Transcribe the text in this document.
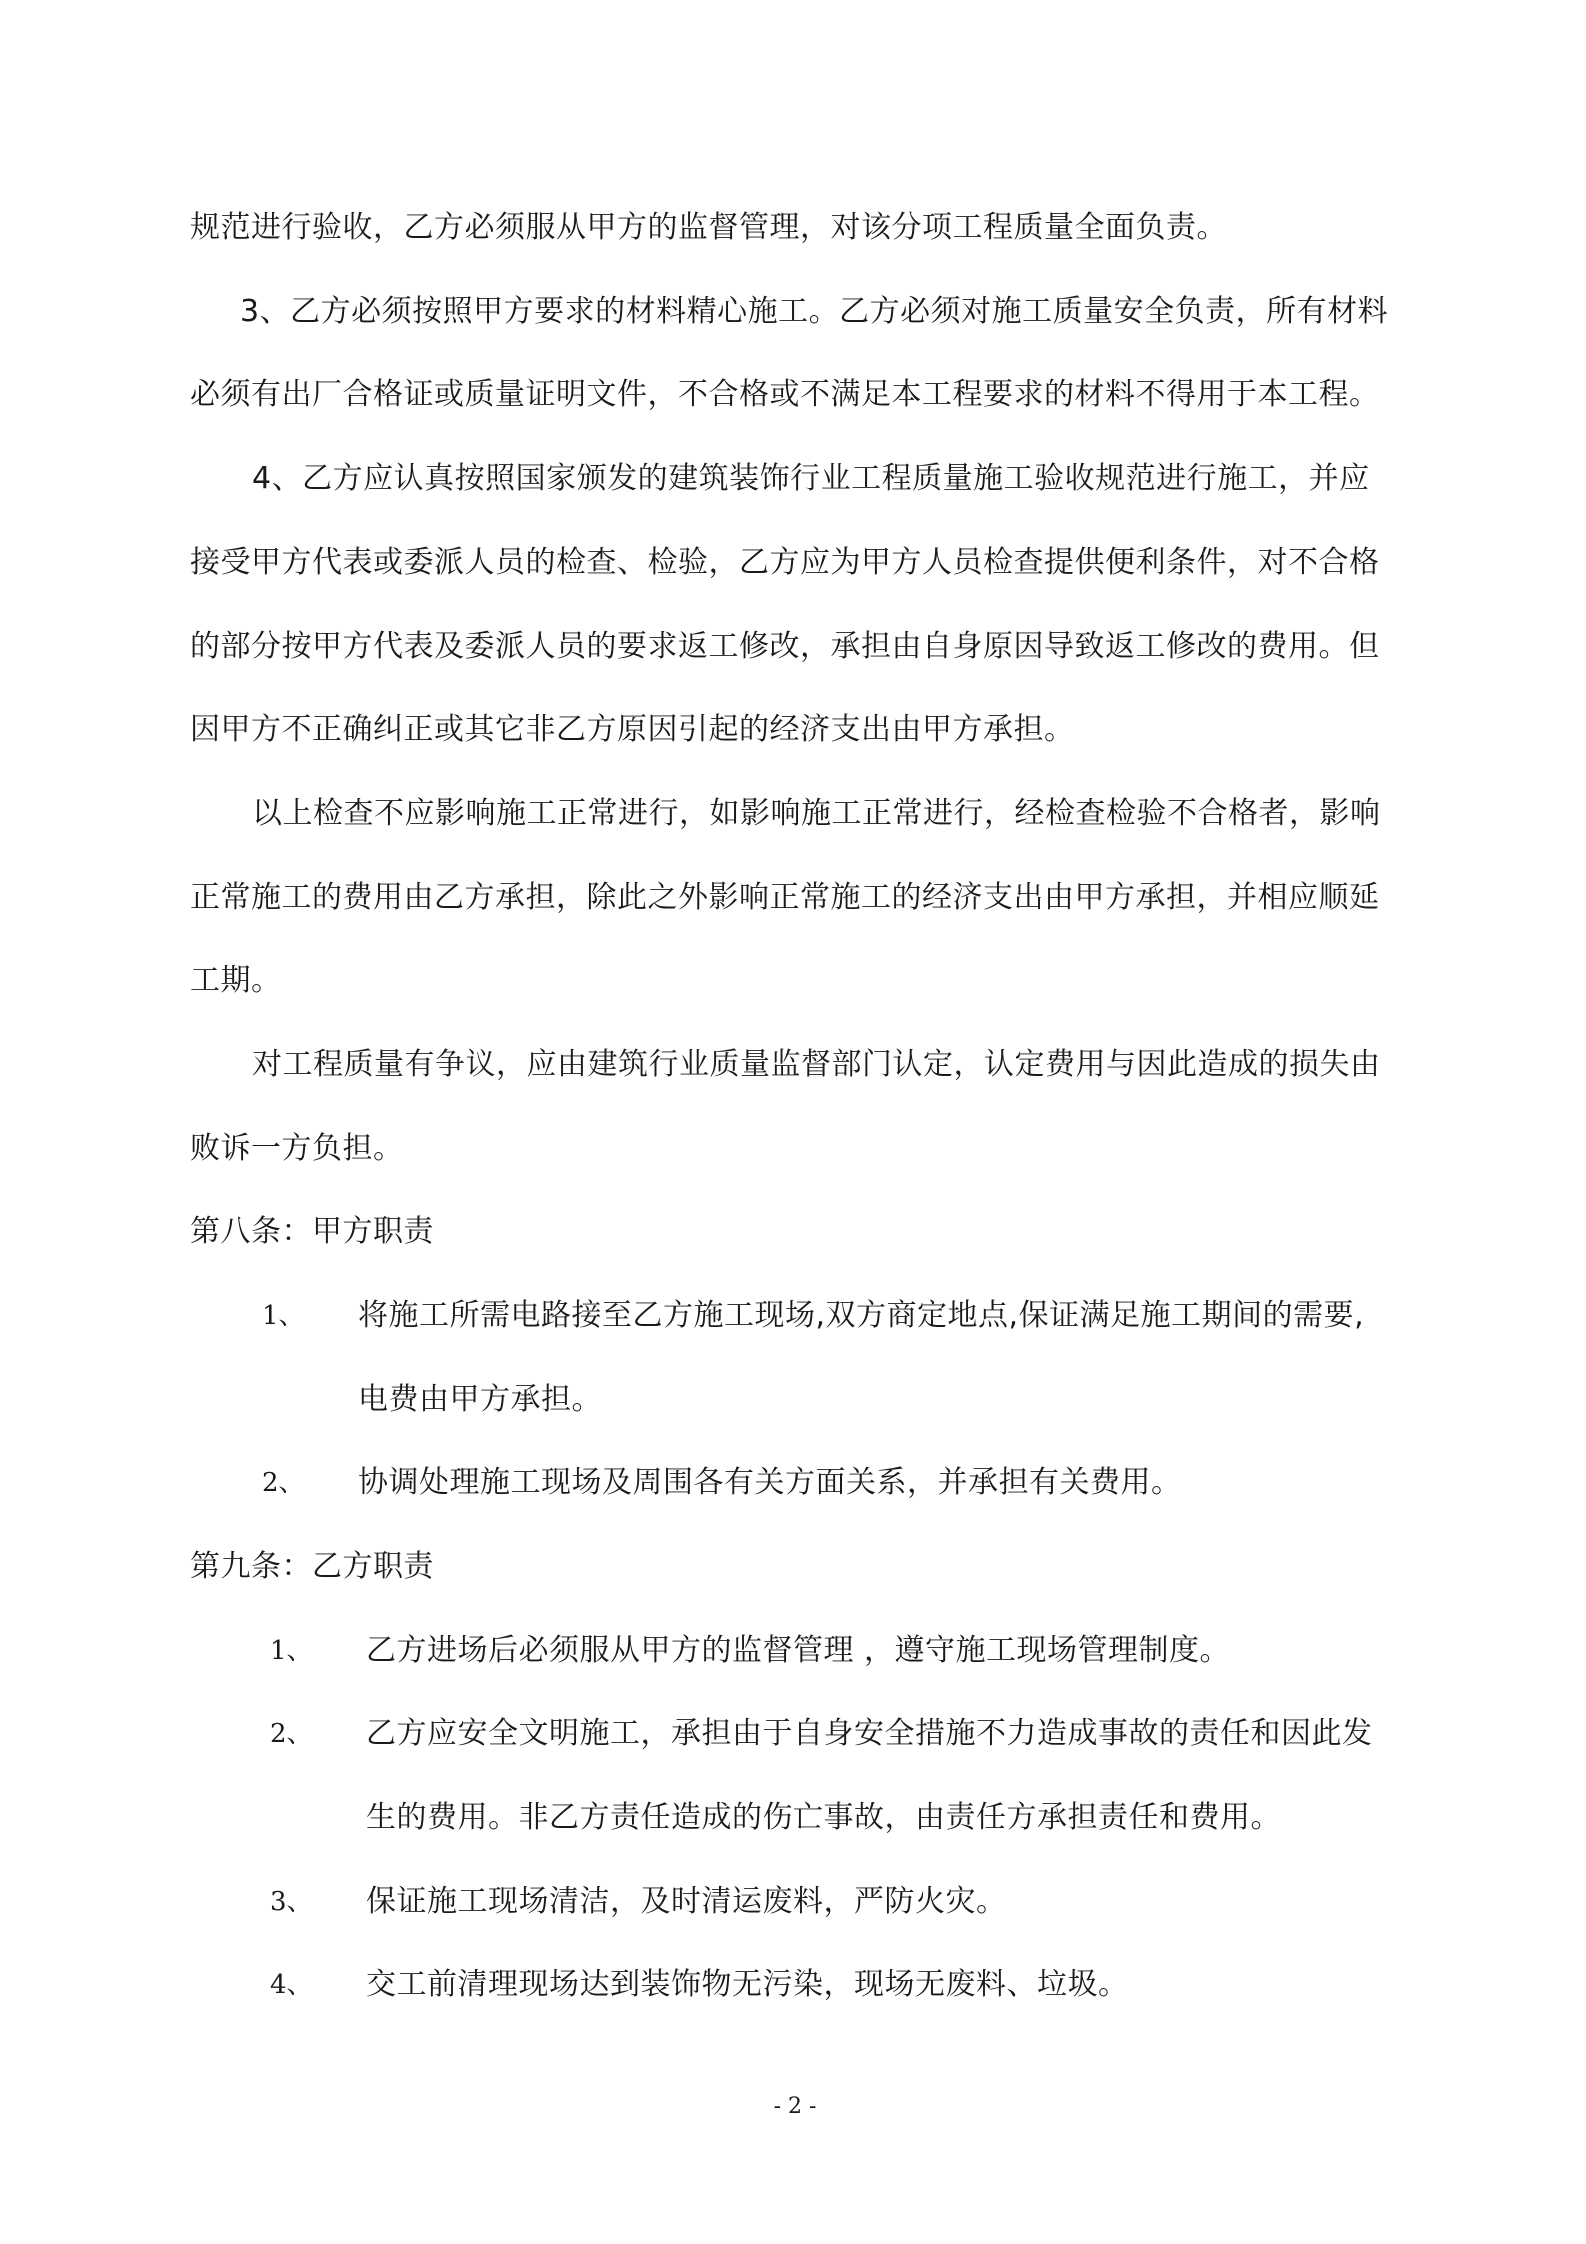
规范进行验收，乙方必须服从甲方的监督管理，对该分项工程质量全面负责。
3、乙方必须按照甲方要求的材料精心施工。乙方必须对施工质量安全负责，所有材料
必须有出厂合格证或质量证明文件，不合格或不满足本工程要求的材料不得用于本工程。
4、乙方应认真按照国家颁发的建筑装饰行业工程质量施工验收规范进行施工，并应
接受甲方代表或委派人员的检查、检验，乙方应为甲方人员检查提供便利条件，对不合格
的部分按甲方代表及委派人员的要求返工修改，承担由自身原因导致返工修改的费用。但
因甲方不正确纠正或其它非乙方原因引起的经济支出由甲方承担。
以上检查不应影响施工正常进行，如影响施工正常进行，经检查检验不合格者，影响
正常施工的费用由乙方承担，除此之外影响正常施工的经济支出由甲方承担，并相应顺延
工期。
对工程质量有争议，应由建筑行业质量监督部门认定，认定费用与因此造成的损失由
败诉一方负担。
第八条：甲方职责
1、 将施工所需电路接至乙方施工现场,双方商定地点,保证满足施工期间的需要,
电费由甲方承担。
2、 协调处理施工现场及周围各有关方面关系，并承担有关费用。
第九条：乙方职责
1、 乙方进场后必须服从甲方的监督管理 ，遵守施工现场管理制度。
2、 乙方应安全文明施工，承担由于自身安全措施不力造成事故的责任和因此发
生的费用。非乙方责任造成的伤亡事故，由责任方承担责任和费用。
3、 保证施工现场清洁，及时清运废料，严防火灾。
4、 交工前清理现场达到装饰物无污染，现场无废料、垃圾。
- 2 -
